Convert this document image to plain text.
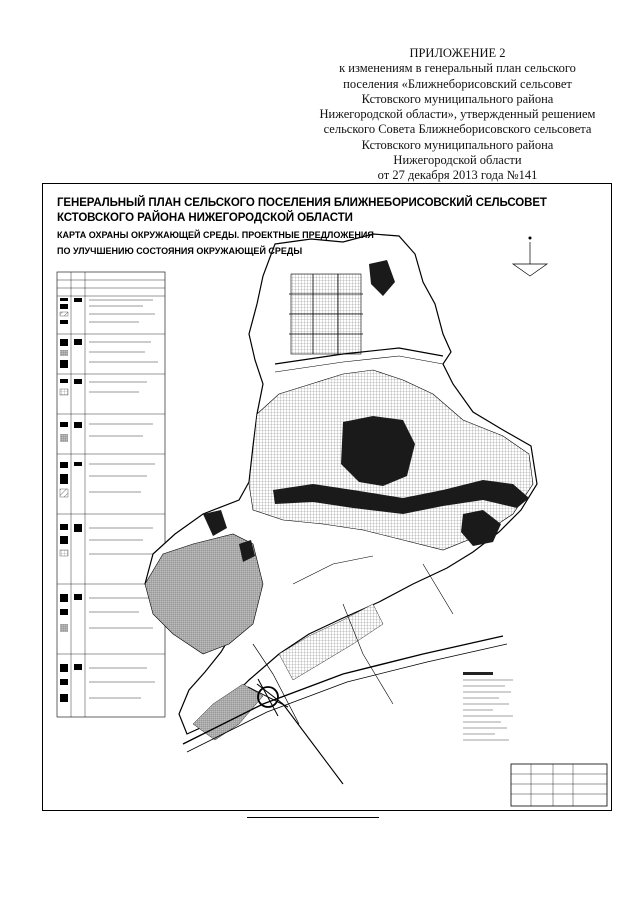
ПРИЛОЖЕНИЕ 2
к изменениям в генеральный план сельского
поселения «Ближнеборисовский сельсовет
Кстовского муниципального района
Нижегородской области», утвержденный решением
сельского Совета Ближнеборисовского сельсовета
Кстовского муниципального района
Нижегородской области
от 27 декабря 2013 года №141
ГЕНЕРАЛЬНЫЙ ПЛАН СЕЛЬСКОГО ПОСЕЛЕНИЯ БЛИЖНЕБОРИСОВСКИЙ СЕЛЬСОВЕТ
КСТОВСКОГО РАЙОНА НИЖЕГОРОДСКОЙ ОБЛАСТИ
КАРТА ОХРАНЫ ОКРУЖАЮЩЕЙ СРЕДЫ. ПРОЕКТНЫЕ ПРЕДЛОЖЕНИЯ
ПО УЛУЧШЕНИЮ СОСТОЯНИЯ ОКРУЖАЮЩЕЙ СРЕДЫ
